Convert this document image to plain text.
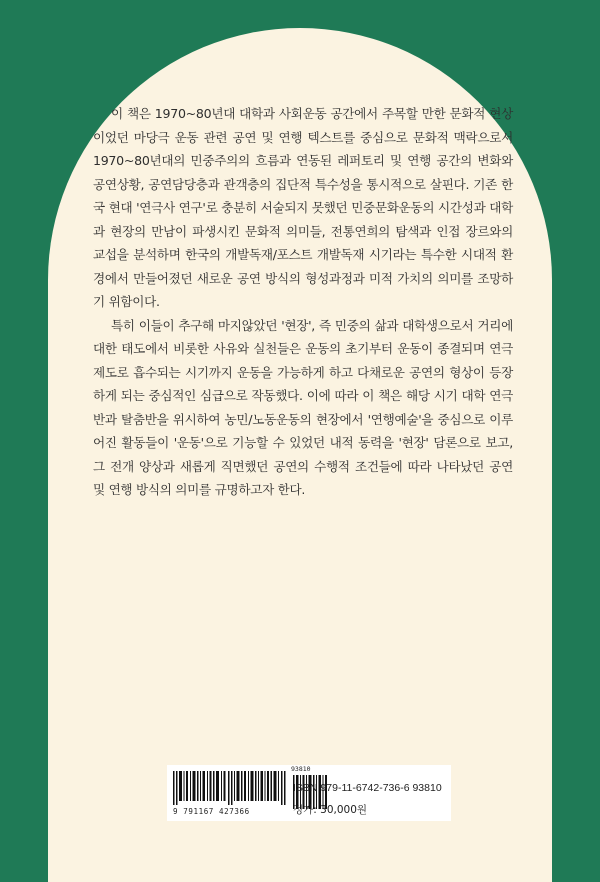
이 책은 1970~80년대 대학과 사회운동 공간에서 주목할 만한 문화적 현상이었던 마당극 운동 관련 공연 및 연행 텍스트를 중심으로 문화적 맥락으로서 1970~80년대의 민중주의의 흐름과 연동된 레퍼토리 및 연행 공간의 변화와 공연상황, 공연담당층과 관객층의 집단적 특수성을 통시적으로 살핀다. 기존 한국 현대 '연극사 연구'로 충분히 서술되지 못했던 민중문화운동의 시간성과 대학과 현장의 만남이 파생시킨 문화적 의미들, 전통연희의 탐색과 인접 장르와의 교섭을 분석하며 한국의 개발독재/포스트 개발독재 시기라는 특수한 시대적 환경에서 만들어졌던 새로운 공연 방식의 형성과정과 미적 가치의 의미를 조망하기 위함이다.

특히 이들이 추구해 마지않았던 '현장', 즉 민중의 삶과 대학생으로서 거리에 대한 태도에서 비롯한 사유와 실천들은 운동의 초기부터 운동이 종결되며 연극 제도로 흡수되는 시기까지 운동을 가능하게 하고 다채로운 공연의 형상이 등장하게 되는 중심적인 심급으로 작동했다. 이에 따라 이 책은 해당 시기 대학 연극반과 탈춤반을 위시하여 농민/노동운동의 현장에서 '연행예술'을 중심으로 이루어진 활동들이 '운동'으로 기능할 수 있었던 내적 동력을 '현장' 담론으로 보고, 그 전개 양상과 새롭게 직면했던 공연의 수행적 조건들에 따라 나타났던 공연 및 연행 방식의 의미를 규명하고자 한다.

9 791167 427366
93810
ISBN 979-11-6742-736-6 93810
정가: 30,000원
